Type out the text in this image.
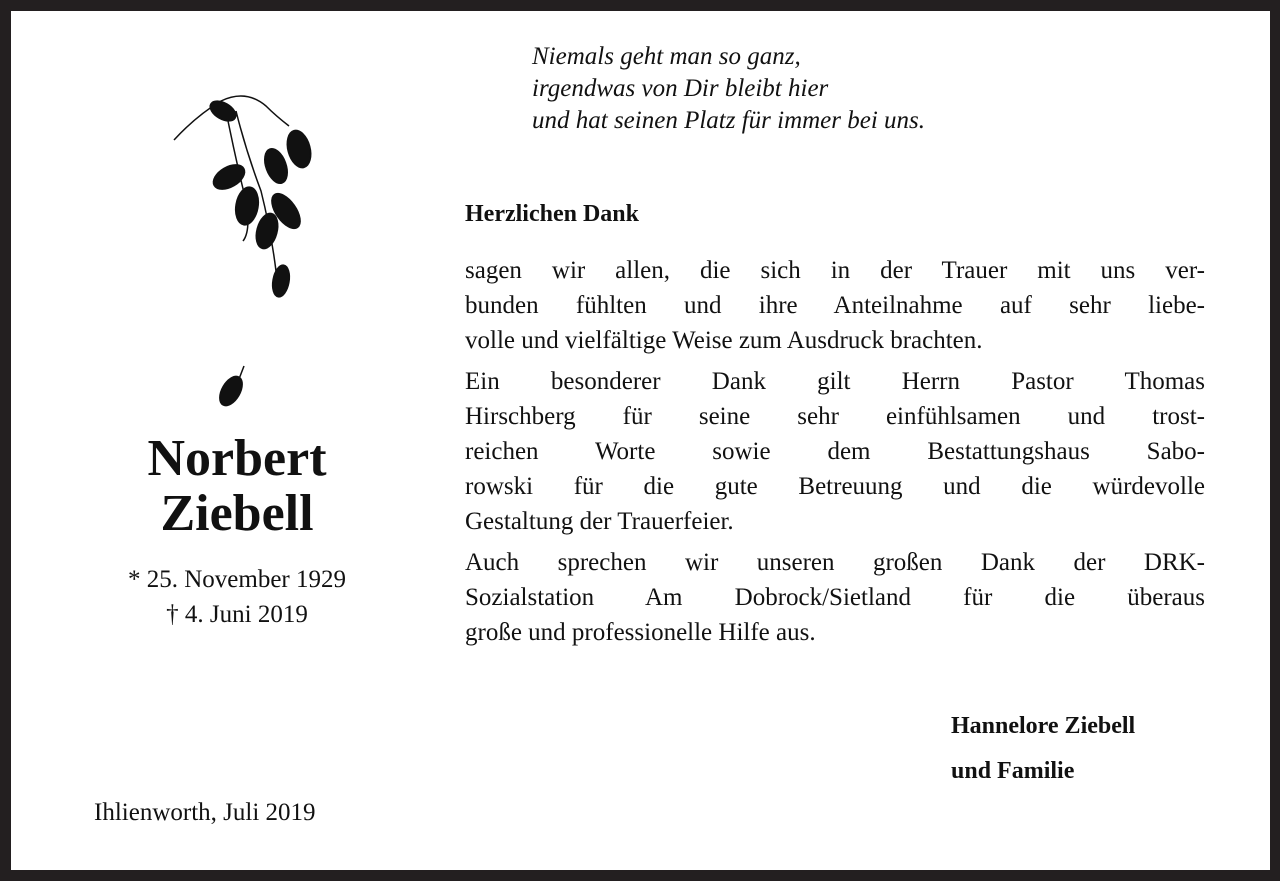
Niemals geht man so ganz,
irgendwas von Dir bleibt hier
und hat seinen Platz für immer bei uns.
Herzlichen Dank
sagen wir allen, die sich in der Trauer mit uns ver-
bunden fühlten und ihre Anteilnahme auf sehr liebe-
volle und vielfältige Weise zum Ausdruck brachten.
Ein besonderer Dank gilt Herrn Pastor Thomas
Hirschberg für seine sehr einfühlsamen und trost-
reichen Worte sowie dem Bestattungshaus Sabo-
rowski für die gute Betreuung und die würdevolle
Gestaltung der Trauerfeier.
Auch sprechen wir unseren großen Dank der DRK-
Sozialstation Am Dobrock/Sietland für die überaus
große und professionelle Hilfe aus.
Norbert
Ziebell
* 25. November 1929
† 4. Juni 2019
Ihlienworth, Juli 2019
Hannelore Ziebell
und Familie
